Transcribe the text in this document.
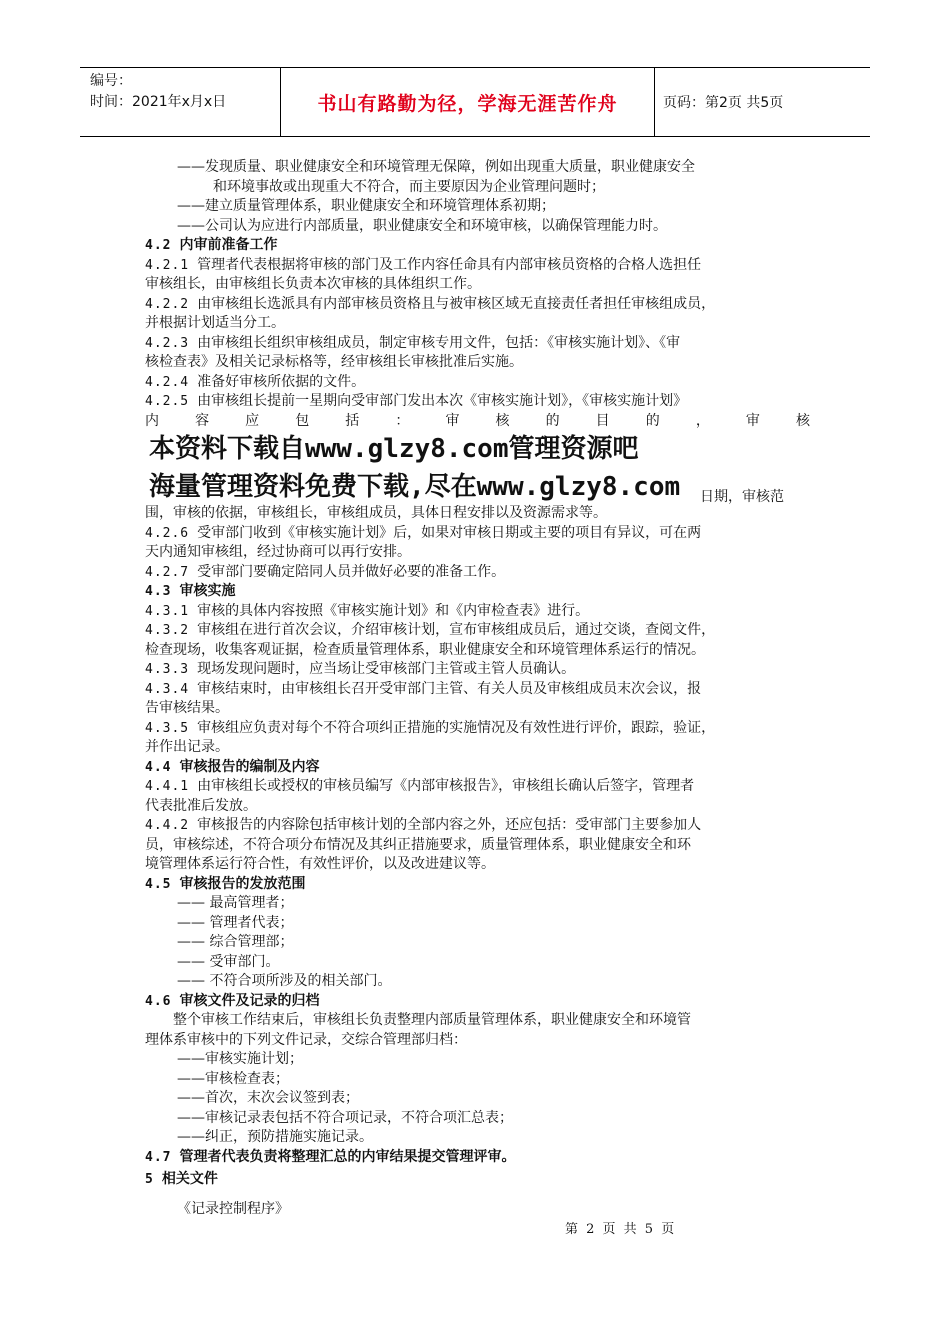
编号：
时间：2021年x月x日	书山有路勤为径，学海无涯苦作舟	页码：第2页 共5页
——发现质量、职业健康安全和环境管理无保障，例如出现重大质量，职业健康安全
和环境事故或出现重大不符合，而主要原因为企业管理问题时；
——建立质量管理体系，职业健康安全和环境管理体系初期；
——公司认为应进行内部质量，职业健康安全和环境审核，以确保管理能力时。
4.2 内审前准备工作
4.2.1 管理者代表根据将审核的部门及工作内容任命具有内部审核员资格的合格人选担任
审核组长，由审核组长负责本次审核的具体组织工作。
4.2.2 由审核组长选派具有内部审核员资格且与被审核区域无直接责任者担任审核组成员，
并根据计划适当分工。
4.2.3 由审核组长组织审核组成员，制定审核专用文件，包括：《审核实施计划》、《审
核检查表》及相关记录标格等，经审核组长审核批准后实施。
4.2.4 准备好审核所依据的文件。
4.2.5 由审核组长提前一星期向受审部门发出本次《审核实施计划》，《审核实施计划》
内 容 应 包 括 ： 审 核 的 目 的 ， 审 核
本资料下载自www.glzy8.com管理资源吧
海量管理资料免费下载,尽在www.glzy8.com 日期，审核范
围，审核的依据，审核组长，审核组成员，具体日程安排以及资源需求等。
4.2.6 受审部门收到《审核实施计划》后，如果对审核日期或主要的项目有异议，可在两
天内通知审核组，经过协商可以再行安排。
4.2.7 受审部门要确定陪同人员并做好必要的准备工作。
4.3 审核实施
4.3.1 审核的具体内容按照《审核实施计划》和《内审检查表》进行。
4.3.2 审核组在进行首次会议，介绍审核计划，宣布审核组成员后，通过交谈，查阅文件，
检查现场，收集客观证据，检查质量管理体系，职业健康安全和环境管理体系运行的情况。
4.3.3 现场发现问题时，应当场让受审核部门主管或主管人员确认。
4.3.4 审核结束时，由审核组长召开受审部门主管、有关人员及审核组成员末次会议，报
告审核结果。
4.3.5 审核组应负责对每个不符合项纠正措施的实施情况及有效性进行评价，跟踪，验证，
并作出记录。
4.4 审核报告的编制及内容
4.4.1 由审核组长或授权的审核员编写《内部审核报告》，审核组长确认后签字，管理者
代表批准后发放。
4.4.2 审核报告的内容除包括审核计划的全部内容之外，还应包括：受审部门主要参加人
员，审核综述，不符合项分布情况及其纠正措施要求，质量管理体系，职业健康安全和环
境管理体系运行符合性，有效性评价，以及改进建议等。
4.5 审核报告的发放范围
—— 最高管理者；
—— 管理者代表；
—— 综合管理部；
—— 受审部门。
—— 不符合项所涉及的相关部门。
4.6 审核文件及记录的归档
整个审核工作结束后，审核组长负责整理内部质量管理体系，职业健康安全和环境管
理体系审核中的下列文件记录，交综合管理部归档：
——审核实施计划；
——审核检查表；
——首次，末次会议签到表；
——审核记录表包括不符合项记录，不符合项汇总表；
——纠正，预防措施实施记录。
4.7 管理者代表负责将整理汇总的内审结果提交管理评审。
5 相关文件
《记录控制程序》
第 2 页 共 5 页
